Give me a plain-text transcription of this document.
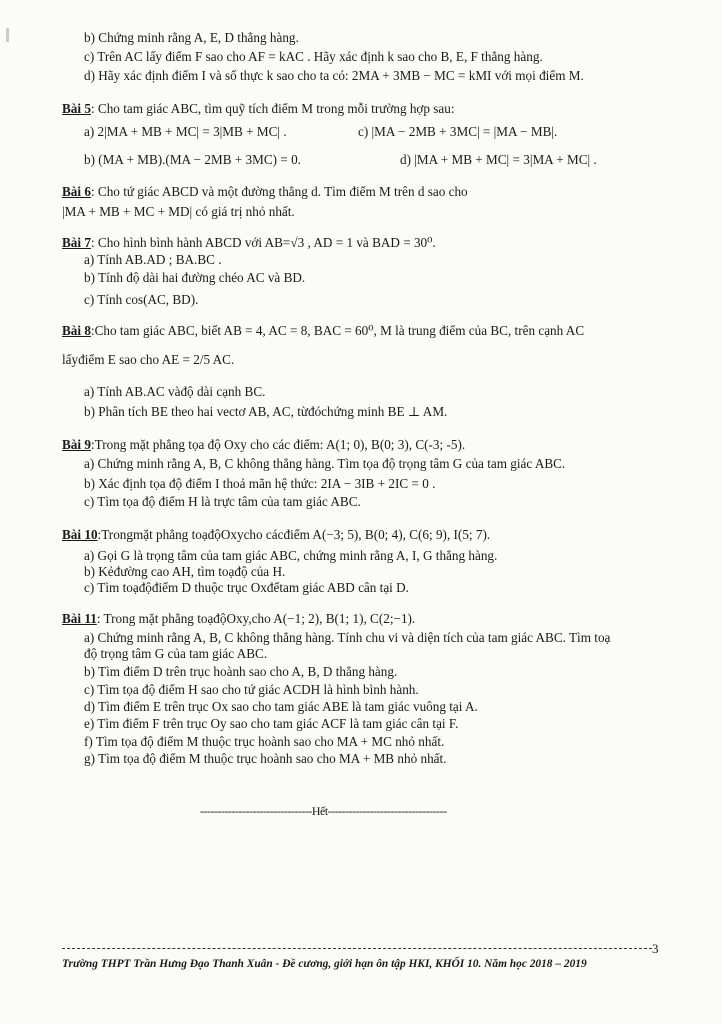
b) Chứng minh rằng A, E, D thẳng hàng.
c) Trên AC lấy điểm F sao cho AF = kAC . Hãy xác định k sao cho B, E, F thẳng hàng.
d) Hãy xác định điểm I và số thực k sao cho ta có: 2MA + 3MB − MC = kMI với mọi điểm M.
Bài 5: Cho tam giác ABC, tìm quỹ tích điểm M trong mỗi trường hợp sau:
a) 2|MA + MB + MC| = 3|MB + MC| .	c) |MA − 2MB + 3MC| = |MA − MB|.
b) (MA + MB).(MA − 2MB + 3MC) = 0.	d) |MA + MB + MC| = 3|MA + MC| .
Bài 6: Cho tứ giác ABCD và một đường thẳng d. Tìm điểm M trên d sao cho
|MA + MB + MC + MD| có giá trị nhỏ nhất.
Bài 7: Cho hình bình hành ABCD với AB=√3 , AD = 1 và BAD = 30⁰.
a) Tính AB.AD ; BA.BC .
b) Tính độ dài hai đường chéo AC và BD.
c) Tính cos(AC, BD).
Bài 8:Cho tam giác ABC, biết AB = 4, AC = 8, BAC = 60⁰, M là trung điểm của BC, trên cạnh AC
lấyđiểm E sao cho AE = 2/5 AC.
a) Tính AB.AC vàđộ dài cạnh BC.
b) Phân tích BE theo hai vectơ AB, AC, từđóchứng minh BE ⊥ AM.
Bài 9:Trong mặt phẳng tọa độ Oxy cho các điểm: A(1; 0), B(0; 3), C(-3; -5).
a) Chứng minh rằng A, B, C không thẳng hàng. Tìm tọa độ trọng tâm G của tam giác ABC.
b) Xác định tọa độ điểm I thoả mãn hệ thức: 2IA − 3IB + 2IC = 0 .
c) Tìm tọa độ điểm H là trực tâm của tam giác ABC.
Bài 10:Trongmặt phẳng toạđộOxycho cácđiểm A(−3; 5), B(0; 4), C(6; 9), I(5; 7).
a) Gọi G là trọng tâm của tam giác ABC, chứng minh rằng A, I, G thẳng hàng.
b) Kẻđường cao AH, tìm toạđộ của H.
c) Tìm toạđộđiểm D thuộc trục Oxđểtam giác ABD cân tại D.
Bài 11: Trong mặt phẳng toạđộOxy,cho A(−1; 2), B(1; 1), C(2;−1).
a) Chứng minh rằng A, B, C không thẳng hàng. Tính chu vi và diện tích của tam giác ABC. Tìm toạ
độ trọng tâm G của tam giác ABC.
b) Tìm điểm D trên trục hoành sao cho A, B, D thẳng hàng.
c) Tìm tọa độ điểm H sao cho tứ giác ACDH là hình bình hành.
d) Tìm điểm E trên trục Ox sao cho tam giác ABE là tam giác vuông tại A.
e) Tìm điểm F trên trục Oy sao cho tam giác ACF là tam giác cân tại F.
f) Tìm tọa độ điểm M thuộc trục hoành sao cho MA + MC nhỏ nhất.
g) Tìm tọa độ điểm M thuộc trục hoành sao cho MA + MB nhỏ nhất.
--------------------------------Hết----------------------------------
3
Trường THPT Trần Hưng Đạo Thanh Xuân - Đề cương, giới hạn ôn tập HKI, KHỐI 10. Năm học 2018 – 2019
